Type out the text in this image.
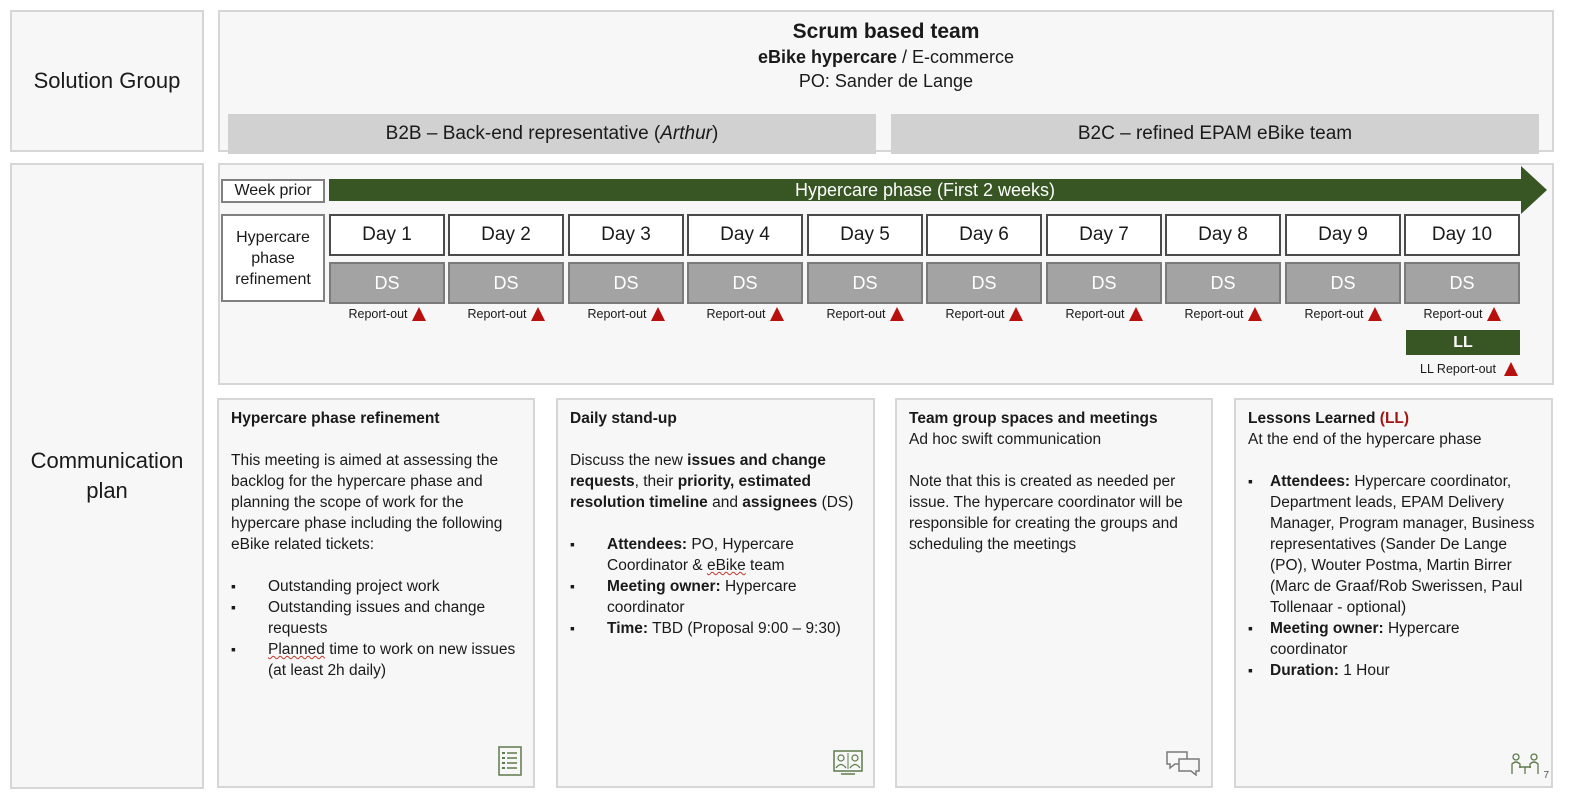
Solution Group
Communication
plan
Scrum based team
eBike hypercare / E-commerce
PO: Sander de Lange
B2B – Back-end representative ( Arthur )	B2C – refined EPAM eBike team
Week prior	Hypercare phase (First 2 weeks)
Hypercare
phase
refinement
Day 1	Day 2	Day 3	Day 4	Day 5	Day 6	Day 7	Day 8	Day 9	Day 10
DS	DS	DS	DS	DS	DS	DS	DS	DS	DS
Report-out	Report-out	Report-out	Report-out	Report-out	Report-out	Report-out	Report-out	Report-out	Report-out
LL
LL Report-out
Hypercare phase refinement

This meeting is aimed at assessing the backlog for the hypercare phase and planning the scope of work for the hypercare phase including the following eBike related tickets:

▪ Outstanding project work
▪ Outstanding issues and change requests
▪ Planned time to work on new issues (at least 2h daily)
Daily stand-up

Discuss the new issues and change requests, their priority, estimated resolution timeline and assignees (DS)

▪ Attendees: PO, Hypercare Coordinator & eBike team
▪ Meeting owner: Hypercare coordinator
▪ Time: TBD (Proposal 9:00 – 9:30)
Team group spaces and meetings

Ad hoc swift communication

Note that this is created as needed per issue. The hypercare coordinator will be responsible for creating the groups and scheduling the meetings

Lessons Learned (LL)

At the end of the hypercare phase

▪ Attendees: Hypercare coordinator, Department leads, EPAM Delivery Manager, Program manager, Business representatives (Sander De Lange (PO), Wouter Postma, Martin Birrer (Marc de Graaf/Rob Swerissen, Paul Tollenaar - optional)
▪ Meeting owner: Hypercare coordinator
▪ Duration: 1 Hour
7
